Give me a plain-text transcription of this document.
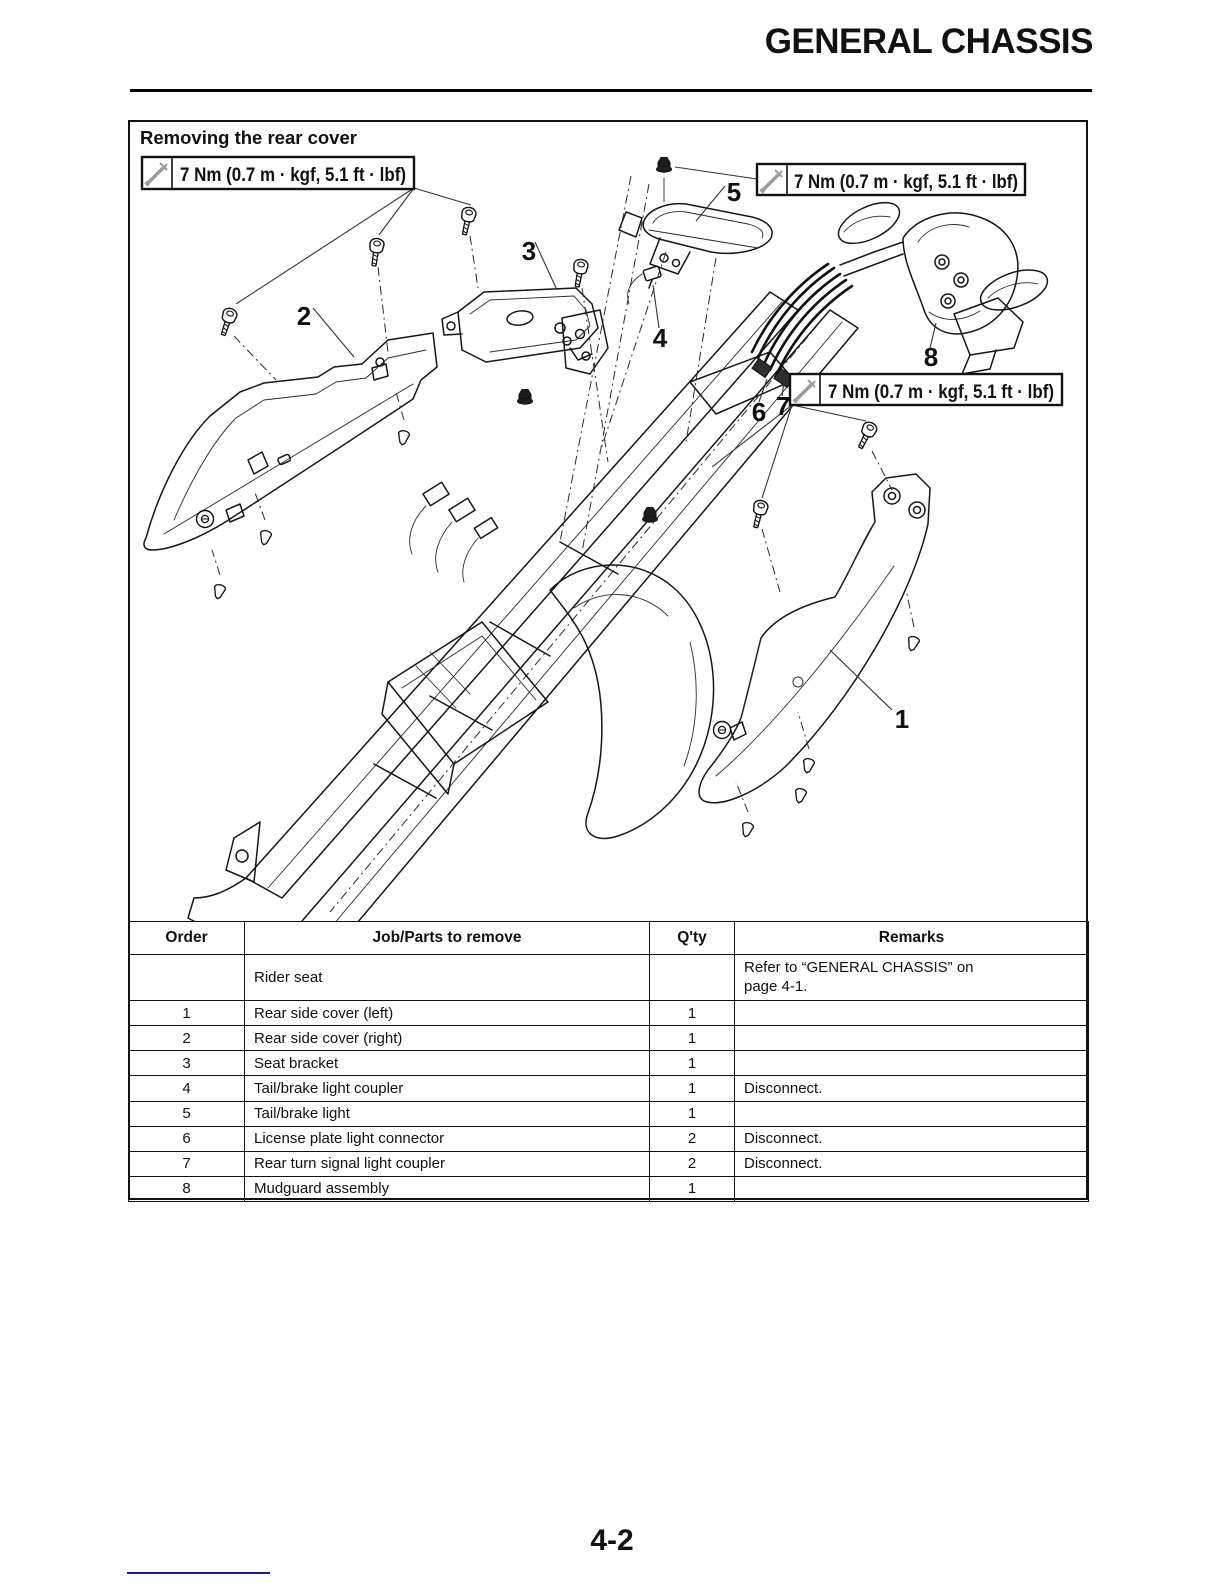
GENERAL CHASSIS
7 Nm (0.7 m · kgf, 5.1 ft · lbf)	7 Nm (0.7 m · kgf, 5.1 ft · lbf)
7 Nm (0.7 m · kgf, 5.1 ft · lbf)
1
2
3
4
5
6 7
8
Removing the rear cover
Order	Job/Parts to remove	Q'ty	Remarks
	Rider seat		Refer to “GENERAL CHASSIS” on page 4-1.
1	Rear side cover (left)	1	
2	Rear side cover (right)	1	
3	Seat bracket	1	
4	Tail/brake light coupler	1	Disconnect.
5	Tail/brake light	1	
6	License plate light connector	2	Disconnect.
7	Rear turn signal light coupler	2	Disconnect.
8	Mudguard assembly	1	
4-2
